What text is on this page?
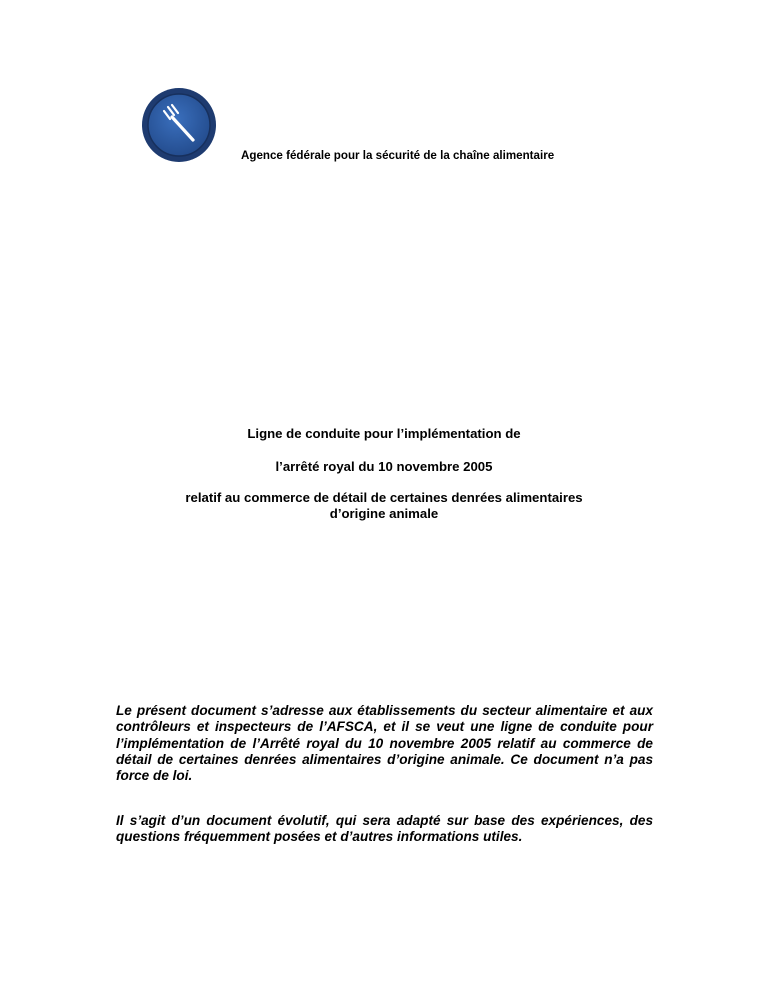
Agence fédérale pour la sécurité de la chaîne alimentaire

Ligne de conduite pour l’implémentation de

l’arrêté royal du 10 novembre 2005

relatif au commerce de détail de certaines denrées alimentaires d’origine animale

Le présent document s’adresse aux établissements du secteur alimentaire et aux contrôleurs et inspecteurs de l’AFSCA, et il se veut une ligne de conduite pour l’implémentation de l’Arrêté royal du 10 novembre 2005 relatif au commerce de détail de certaines denrées alimentaires d’origine animale. Ce document n’a pas force de loi.

Il s’agit d’un document évolutif, qui sera adapté sur base des expériences, des questions fréquemment posées et d’autres informations utiles.
